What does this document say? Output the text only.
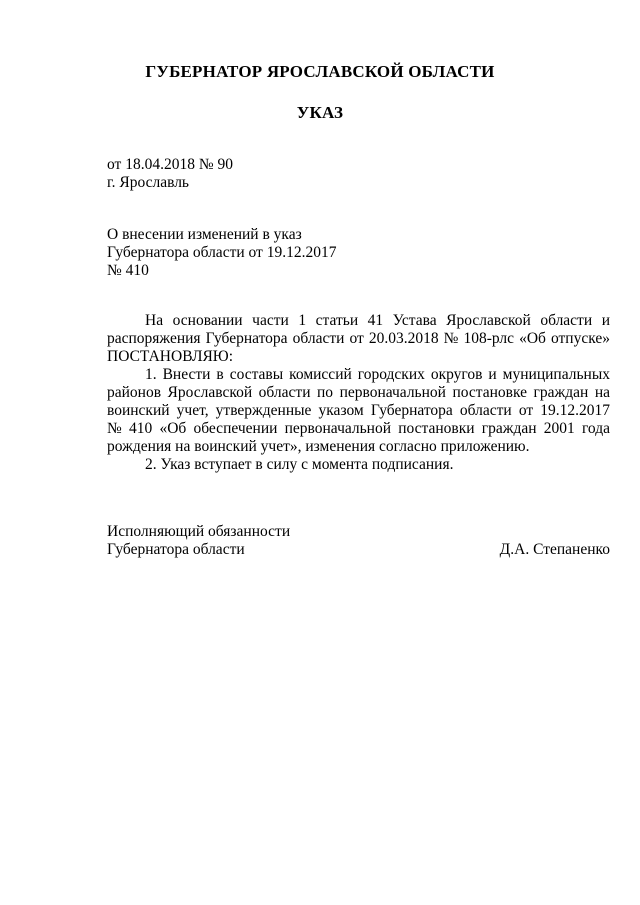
ГУБЕРНАТОР ЯРОСЛАВСКОЙ ОБЛАСТИ
УКАЗ
от 18.04.2018 № 90
г. Ярославль
О внесении изменений в указ
Губернатора области от 19.12.2017
№ 410
На основании части 1 статьи 41 Устава Ярославской области и
распоряжения Губернатора области от 20.03.2018 № 108-рлс «Об отпуске»
ПОСТАНОВЛЯЮ:
1. Внести в составы комиссий городских округов и муниципальных
районов Ярославской области по первоначальной постановке граждан на
воинский учет, утвержденные указом Губернатора области от 19.12.2017
№ 410 «Об обеспечении первоначальной постановки граждан 2001 года
рождения на воинский учет», изменения согласно приложению.
2. Указ вступает в силу с момента подписания.
Исполняющий обязанности
Губернатора области	Д.А. Степаненко
